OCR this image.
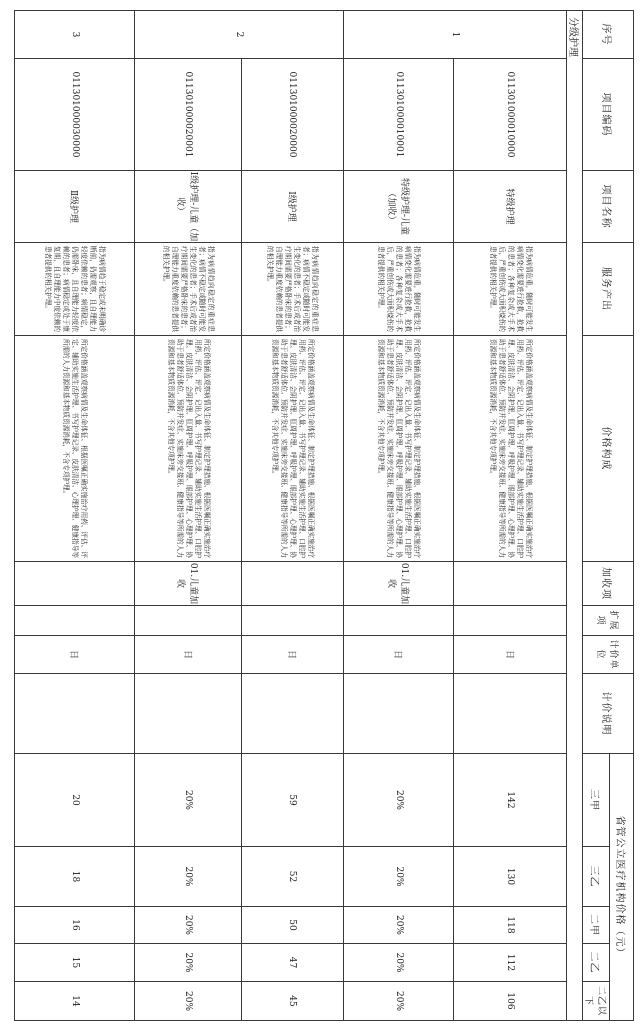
序号	项目编码	项目名称	服务产出	价格构成	加收项	扩展项	计价单位	计价说明	省管公立医疗机构价格（元）				
									三甲	三乙	二甲	二乙	二乙以下
分级护理													
1	011301000010000	特级护理	指为病情危重，随时可能发生病情变化需要进行抢救，抢救的患者；各种复杂或大手术后，严重创伤或大面积烧伤的患者提供的相关护理。	所定价格涵盖观察病情及生命体征、制定护理措施、根据医嘱正确实施治疗用药、评估、评定、记出入量、书写护理记录、辅助实施生活护理、口腔护理、皮肤清洁、会阴护理、肛周护理、呼吸护理、眼部护理、心理护理、协助于患者舒适体位、预防并发症、实施床旁交接班、健康指导等所需的人力资源和基本物质资源消耗，不含其他专项护理。			日		142	130	118	112	106
	011301000010001	特级护理-儿童（加收）	指为病情危重，随时可能发生病情变化需要进行抢救，抢救的患者；各种复杂或大手术后，严重创伤或大面积烧伤的患者提供的相关护理。	所定价格涵盖观察病情及生命体征、制定护理措施、根据医嘱正确实施治疗用药、评估、评定、记出入量、书写护理记录、辅助实施生活护理、口腔护理、皮肤清洁、会阴护理、肛周护理、呼吸护理、眼部护理、心理护理、协助于患者舒适体位、预防并发症、实施床旁交接班、健康指导等所需的人力资源和基本物质资源消耗，不含其他专项护理。	01.儿童加收		日		20%	20%	20%	20%	20%
2	011301000020000	Ⅰ级护理	指为病情趋向稳定的重症患者；病情不稳定或随时可能发生变化的患者；手术后或者治疗期间需要严格卧床的患者；自理能力重度依赖的患者提供的相关护理。	所定价格涵盖观察病情及生命体征、制定护理措施、根据医嘱正确实施治疗用药、评估、评定、记出入量、书写护理记录、辅助实施生活护理、口腔护理、皮肤清洁、会阴护理、肛周护理、呼吸护理、眼部护理、心理护理、协助于患者舒适体位、预防并发症、实施床旁交接班、健康指导等所需的人力资源和基本物质资源消耗，不含其他专项护理。			日		59	52	50	47	45
	011301000020001	Ⅰ级护理-儿童（加收）	指为病情趋向稳定的重症患者；病情不稳定或随时可能发生变化的患者；手术后或者治疗期间需要严格卧床的患者；自理能力重度依赖的患者提供的相关护理。	所定价格涵盖观察病情及生命体征、制定护理措施、根据医嘱正确实施治疗用药、评估、评定、记出入量、书写护理记录、辅助实施生活护理、口腔护理、皮肤清洁、会阴护理、肛周护理、呼吸护理、眼部护理、心理护理、协助于患者舒适体位、预防并发症、实施床旁交接班、健康指导等所需的人力资源和基本物质资源消耗，不含其他专项护理。	01.儿童加收		日		20%	20%	20%	20%	20%
3	011301000030000	Ⅱ级护理	指为病情趋于稳定或未明确诊断前，仍需观察，且自理能力轻度依赖的患者；病情稳定，仍需卧床，且自理能力轻度依赖的患者；病情稳定或处于康复期，且自理能力中度依赖的患者提供的相关护理。	所定价格涵盖观察病情及生命体征、根据医嘱正确实施治疗用药、评估、评定、辅助实施生活护理、书写护理记录、皮肤清洁、心理护理、健康指导等所需的人力资源和基本物质资源消耗，不含专项护理。			日		20	18	16	15	14
